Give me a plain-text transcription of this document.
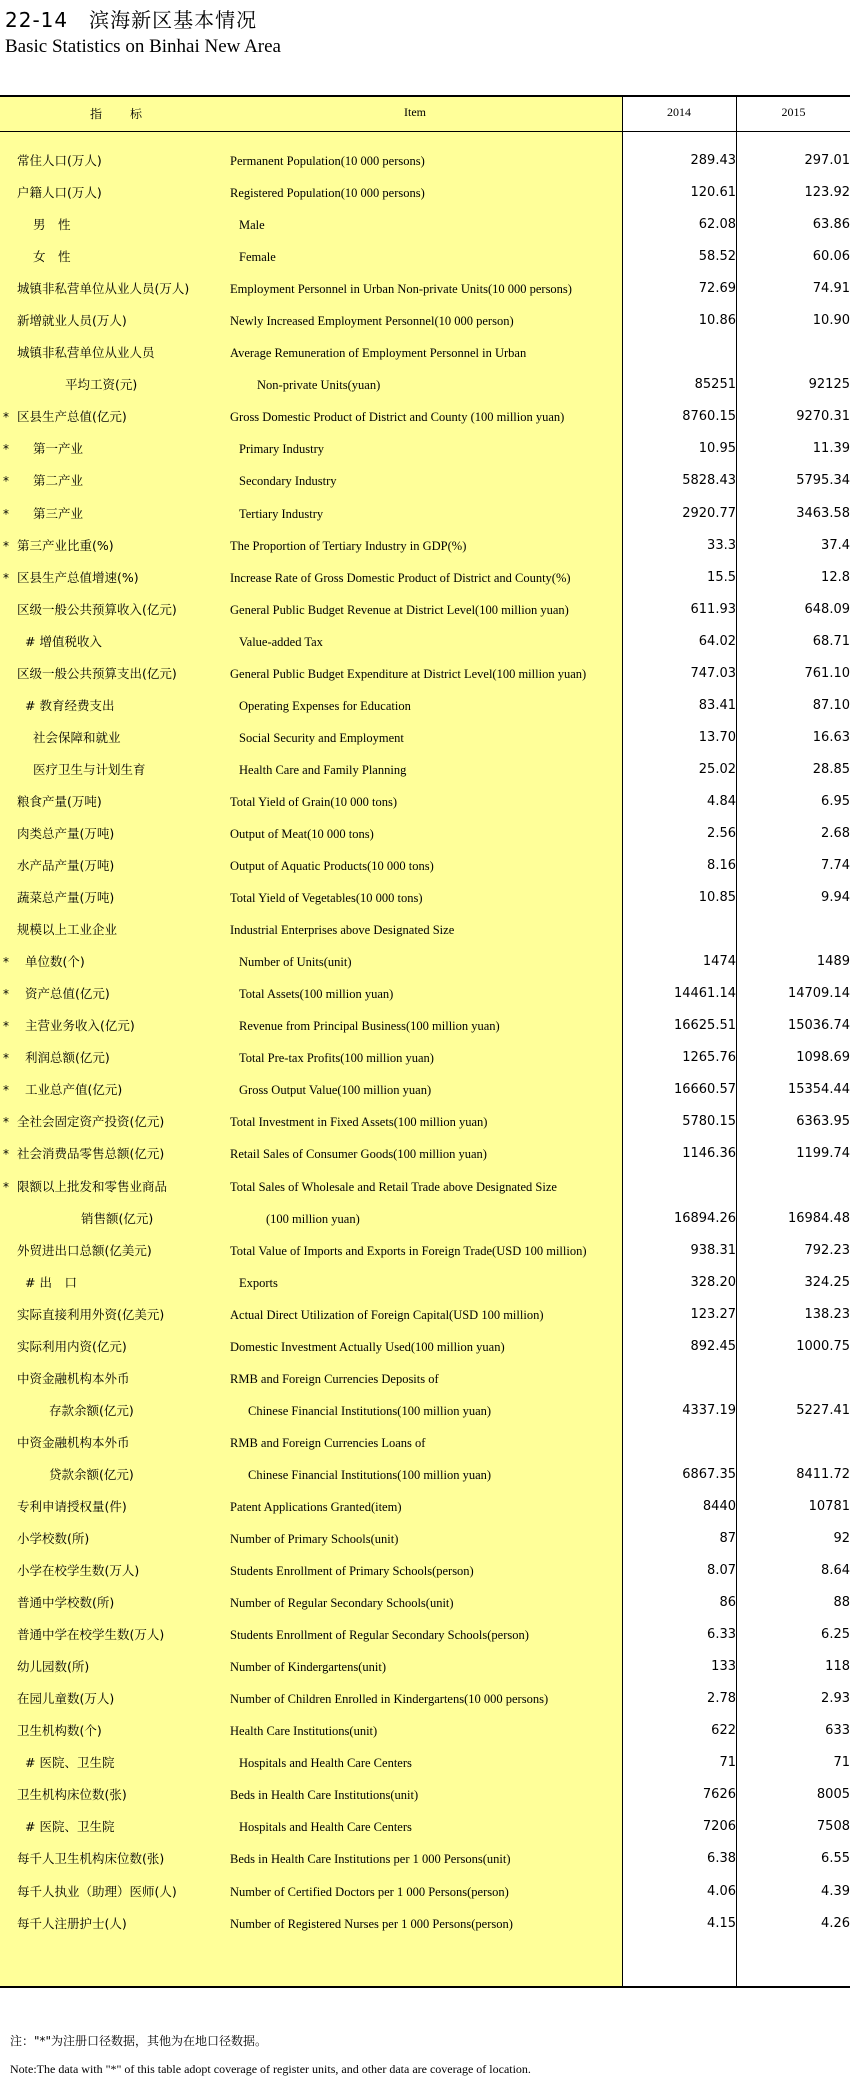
22-14　滨海新区基本情况
Basic Statistics on Binhai New Area
指　标	Item	2014	2015
常住人口(万人)	Permanent Population(10 000 persons)	289.43	297.01
户籍人口(万人)	Registered Population(10 000 persons)	120.61	123.92
男　性	Male	62.08	63.86
女　性	Female	58.52	60.06
城镇非私营单位从业人员(万人)	Employment Personnel in Urban Non-private Units(10 000 persons)	72.69	74.91
新增就业人员(万人)	Newly Increased Employment Personnel(10 000 person)	10.86	10.90
城镇非私营单位从业人员	Average Remuneration of Employment Personnel in Urban
平均工资(元)	Non-private Units(yuan)	85251	92125
* 区县生产总值(亿元)	Gross Domestic Product of District and County (100 million yuan)	8760.15	9270.31
* 第一产业	Primary Industry	10.95	11.39
* 第二产业	Secondary Industry	5828.43	5795.34
* 第三产业	Tertiary Industry	2920.77	3463.58
* 第三产业比重(%)	The Proportion of Tertiary Industry in GDP(%)	33.3	37.4
* 区县生产总值增速(%)	Increase Rate of Gross Domestic Product of District and County(%)	15.5	12.8
区级一般公共预算收入(亿元)	General Public Budget Revenue at District Level(100 million yuan)	611.93	648.09
# 增值税收入	Value-added Tax	64.02	68.71
区级一般公共预算支出(亿元)	General Public Budget Expenditure at District Level(100 million yuan)	747.03	761.10
# 教育经费支出	Operating Expenses for Education	83.41	87.10
社会保障和就业	Social Security and Employment	13.70	16.63
医疗卫生与计划生育	Health Care and Family Planning	25.02	28.85
粮食产量(万吨)	Total Yield of Grain(10 000 tons)	4.84	6.95
肉类总产量(万吨)	Output of Meat(10 000 tons)	2.56	2.68
水产品产量(万吨)	Output of Aquatic Products(10 000 tons)	8.16	7.74
蔬菜总产量(万吨)	Total Yield of Vegetables(10 000 tons)	10.85	9.94
规模以上工业企业	Industrial Enterprises above Designated Size
* 单位数(个)	Number of Units(unit)	1474	1489
* 资产总值(亿元)	Total Assets(100 million yuan)	14461.14	14709.14
* 主营业务收入(亿元)	Revenue from Principal Business(100 million yuan)	16625.51	15036.74
* 利润总额(亿元)	Total Pre-tax Profits(100 million yuan)	1265.76	1098.69
* 工业总产值(亿元)	Gross Output Value(100 million yuan)	16660.57	15354.44
* 全社会固定资产投资(亿元)	Total Investment in Fixed Assets(100 million yuan)	5780.15	6363.95
* 社会消费品零售总额(亿元)	Retail Sales of Consumer Goods(100 million yuan)	1146.36	1199.74
* 限额以上批发和零售业商品	Total Sales of Wholesale and Retail Trade above Designated Size
销售额(亿元)	(100 million yuan)	16894.26	16984.48
外贸进出口总额(亿美元)	Total Value of Imports and Exports in Foreign Trade(USD 100 million)	938.31	792.23
# 出　口	Exports	328.20	324.25
实际直接利用外资(亿美元)	Actual Direct Utilization of Foreign Capital(USD 100 million)	123.27	138.23
实际利用内资(亿元)	Domestic Investment Actually Used(100 million yuan)	892.45	1000.75
中资金融机构本外币	RMB and Foreign Currencies Deposits of
存款余额(亿元)	Chinese Financial Institutions(100 million yuan)	4337.19	5227.41
中资金融机构本外币	RMB and Foreign Currencies Loans of
贷款余额(亿元)	Chinese Financial Institutions(100 million yuan)	6867.35	8411.72
专利申请授权量(件)	Patent Applications Granted(item)	8440	10781
小学校数(所)	Number of Primary Schools(unit)	87	92
小学在校学生数(万人)	Students Enrollment of Primary Schools(person)	8.07	8.64
普通中学校数(所)	Number of Regular Secondary Schools(unit)	86	88
普通中学在校学生数(万人)	Students Enrollment of Regular Secondary Schools(person)	6.33	6.25
幼儿园数(所)	Number of Kindergartens(unit)	133	118
在园儿童数(万人)	Number of Children Enrolled in Kindergartens(10 000 persons)	2.78	2.93
卫生机构数(个)	Health Care Institutions(unit)	622	633
# 医院、卫生院	Hospitals and Health Care Centers	71	71
卫生机构床位数(张)	Beds in Health Care Institutions(unit)	7626	8005
# 医院、卫生院	Hospitals and Health Care Centers	7206	7508
每千人卫生机构床位数(张)	Beds in Health Care Institutions per 1 000 Persons(unit)	6.38	6.55
每千人执业（助理）医师(人)	Number of Certified Doctors per 1 000 Persons(person)	4.06	4.39
每千人注册护士(人)	Number of Registered Nurses per 1 000 Persons(person)	4.15	4.26
注："*"为注册口径数据，其他为在地口径数据。
Note:The data with "*" of this table adopt coverage of register units, and other data are coverage of location.
